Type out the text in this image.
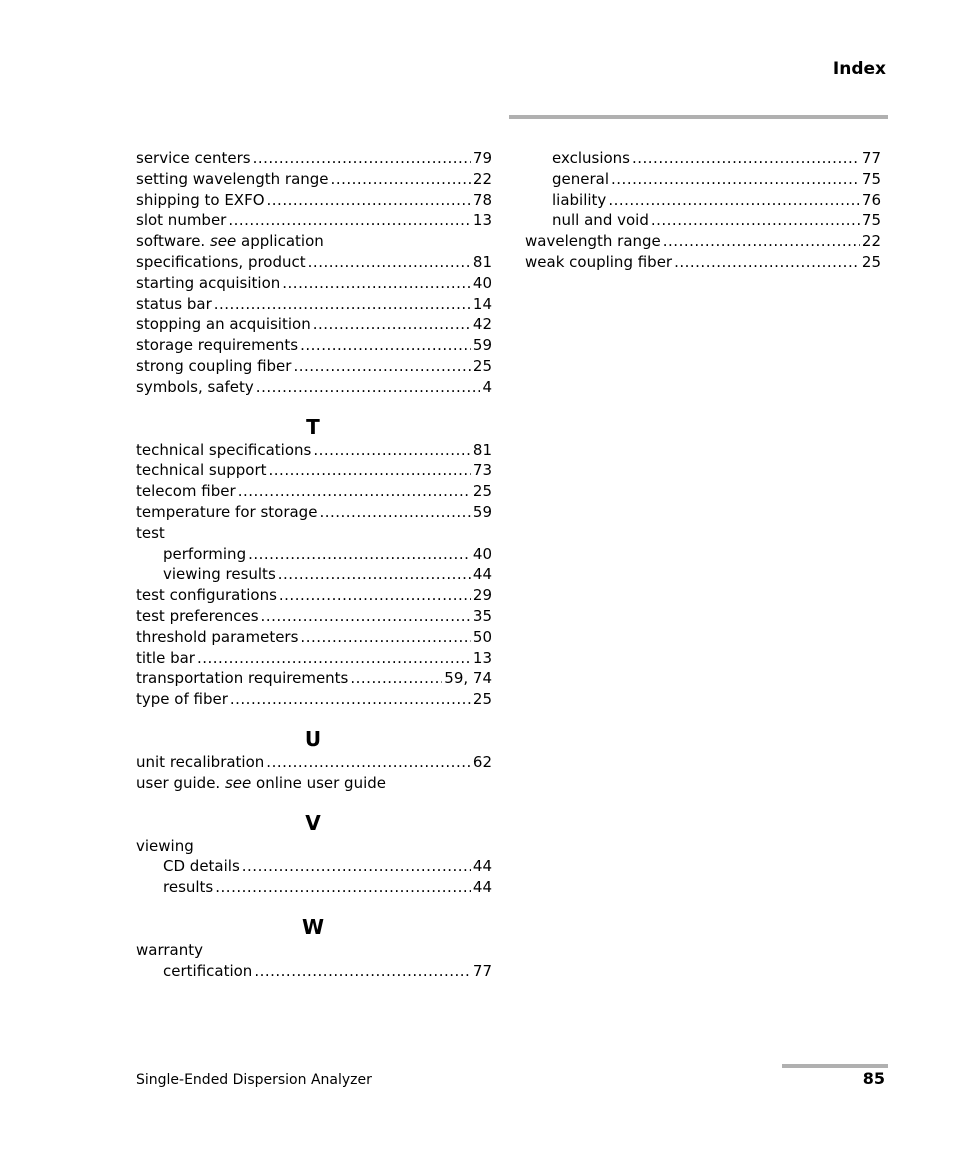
Index
service centers .....	79
setting wavelength range .....	22
shipping to EXFO .....	78
slot number .....	13
software. see application
specifications, product .....	81
starting acquisition .....	40
status bar .....	14
stopping an acquisition .....	42
storage requirements .....	59
strong coupling fiber .....	25
symbols, safety .....	4
T
technical specifications .....	81
technical support .....	73
telecom fiber .....	25
temperature for storage .....	59
test
performing .....	40
viewing results .....	44
test configurations .....	29
test preferences .....	35
threshold parameters .....	50
title bar .....	13
transportation requirements .....	59, 74
type of fiber .....	25
U
unit recalibration .....	62
user guide. see online user guide
V
viewing
CD details .....	44
results .....	44
W
warranty
certification .....	77
exclusions .....	77
general .....	75
liability .....	76
null and void .....	75
wavelength range .....	22
weak coupling fiber .....	25
Single-Ended Dispersion Analyzer	85
